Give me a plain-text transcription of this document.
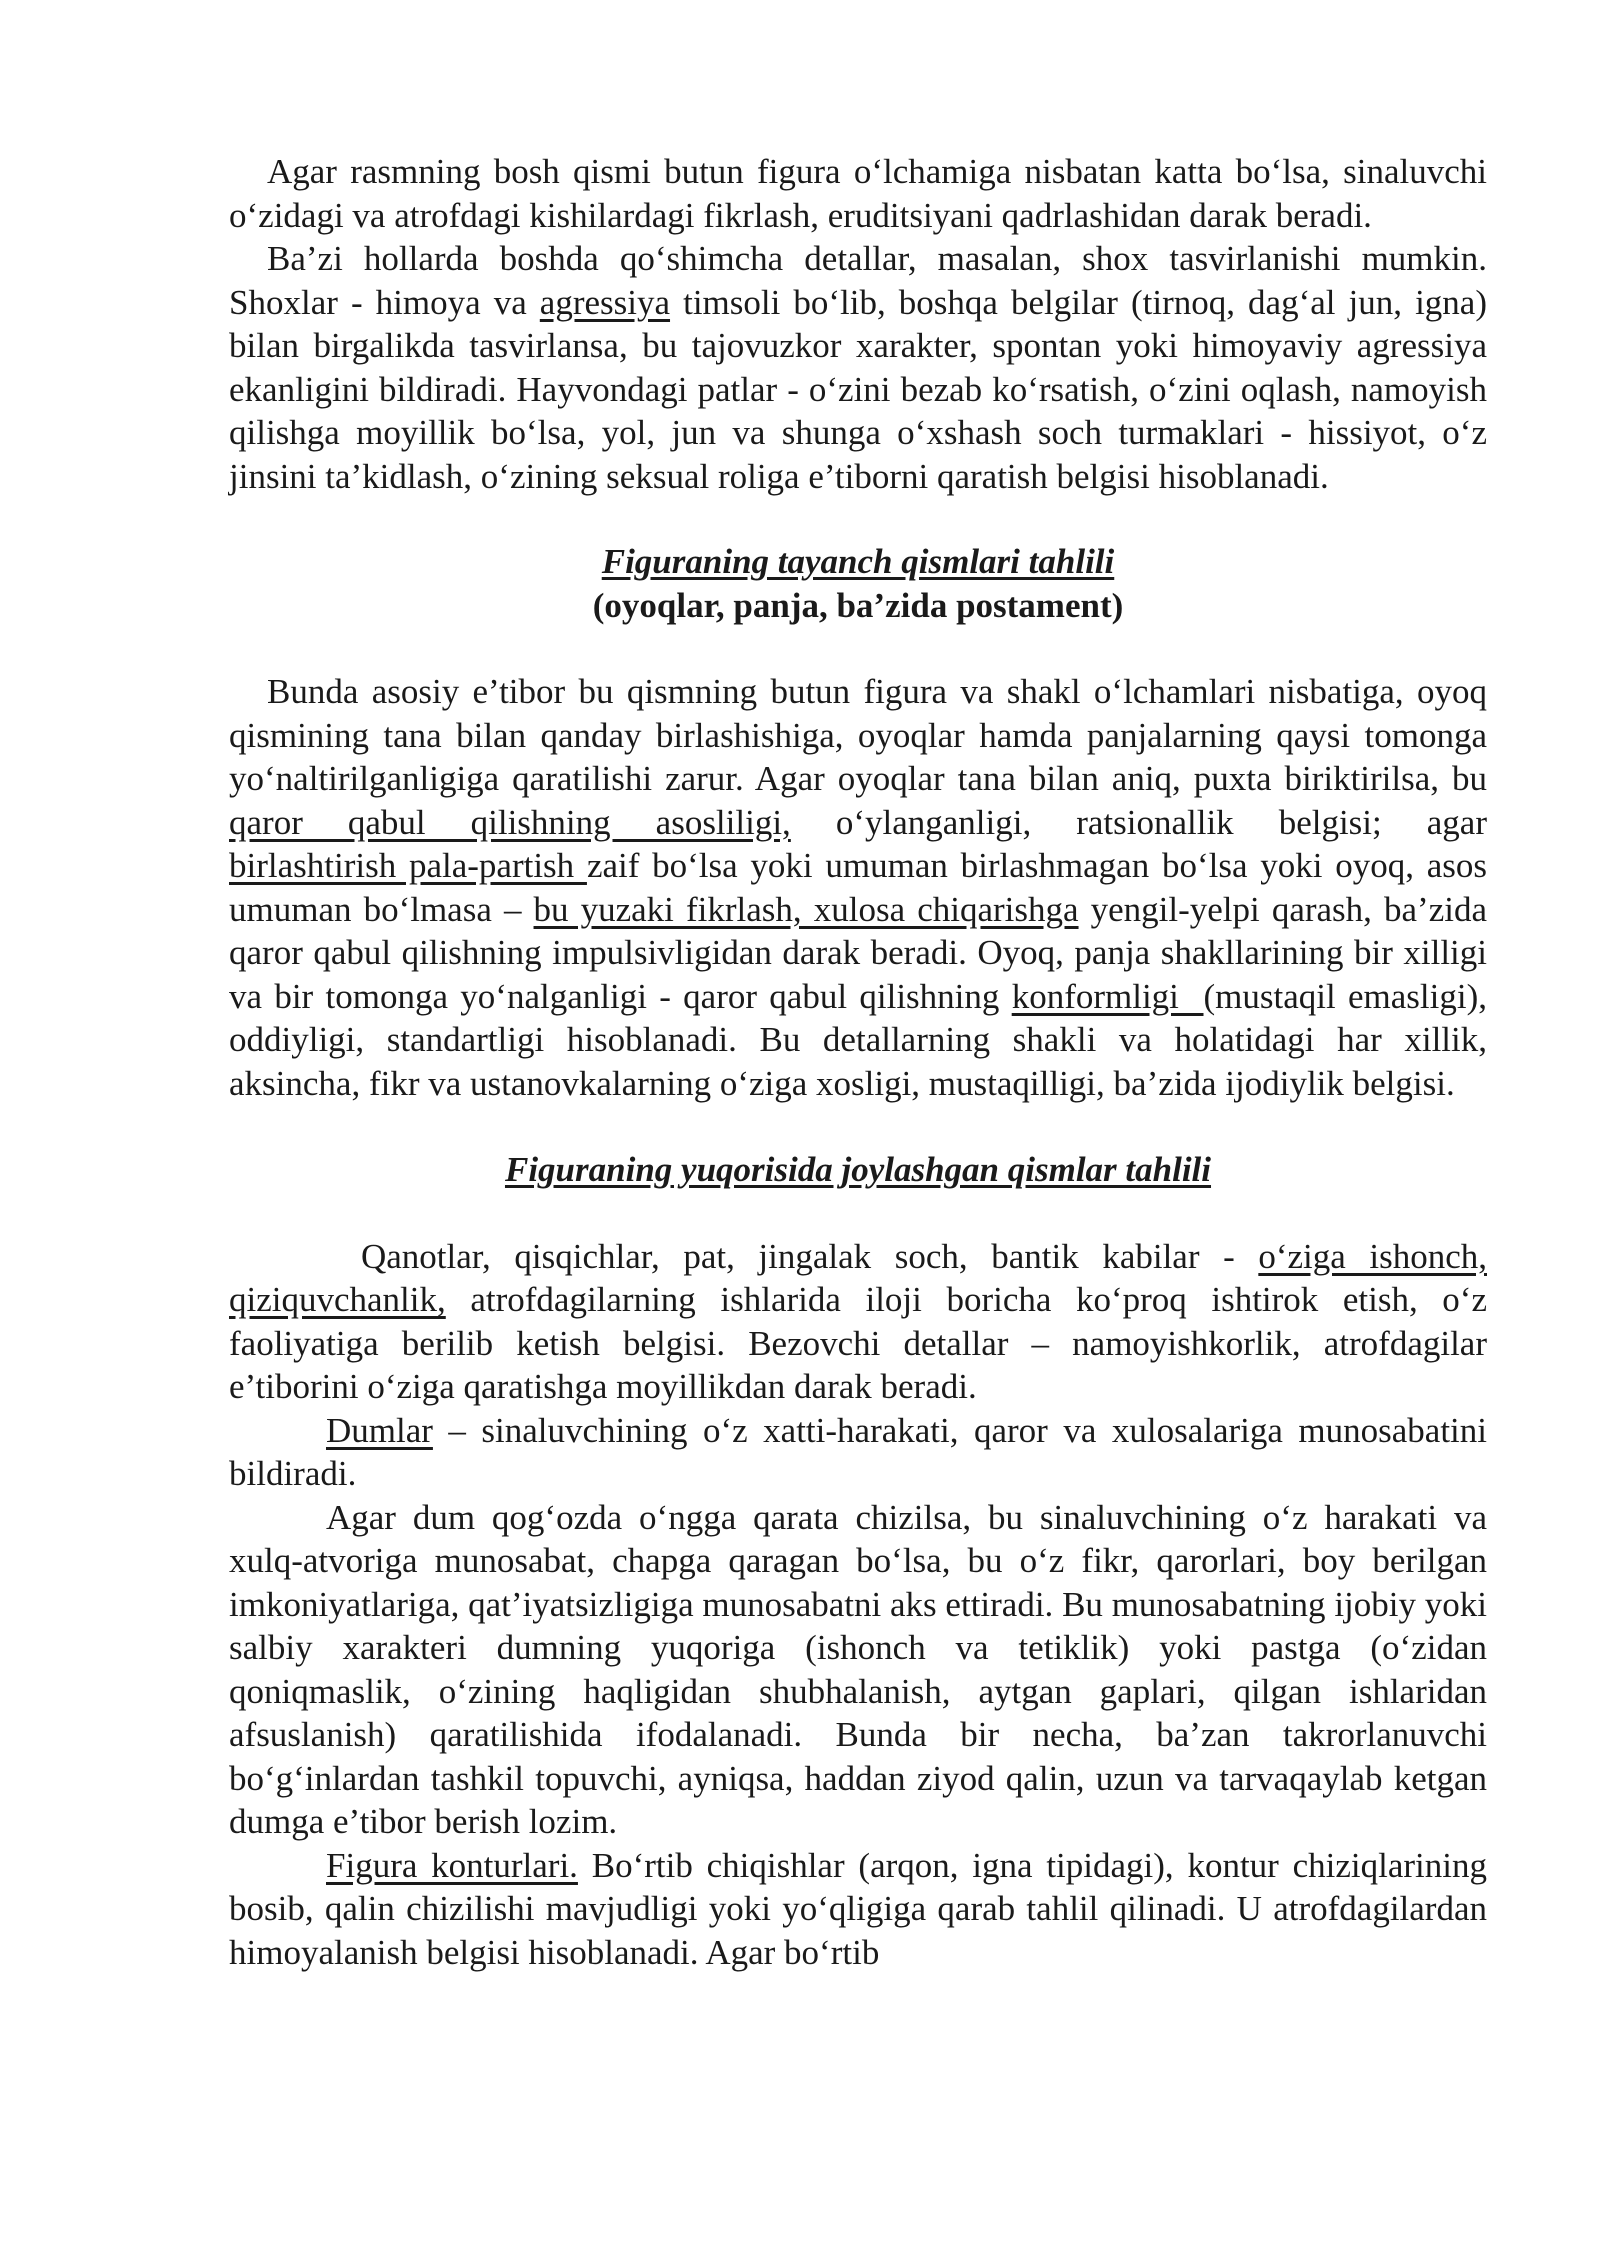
Agar rasmning bosh qismi butun figura o‘lchamiga nisbatan katta bo‘lsa, sinaluvchi o‘zidagi va atrofdagi kishilardagi fikrlash, eruditsiyani qadrlashidan darak beradi.

Ba’zi hollarda boshda qo‘shimcha detallar, masalan, shox tasvirlanishi mumkin. Shoxlar - himoya va agressiya timsoli bo‘lib, boshqa belgilar (tirnoq, dag‘al jun, igna) bilan birgalikda tasvirlansa, bu tajovuzkor xarakter, spontan yoki himoyaviy agressiya ekanligini bildiradi. Hayvondagi patlar - o‘zini bezab ko‘rsatish, o‘zini oqlash, namoyish qilishga moyillik bo‘lsa, yol, jun va shunga o‘xshash soch turmaklari - hissiyot, o‘z jinsini ta’kidlash, o‘zining seksual roliga e’tiborni qaratish belgisi hisoblanadi.

Figuraning tayanch qismlari tahlili
(oyoqlar, panja, ba’zida postament)

Bunda asosiy e’tibor bu qismning butun figura va shakl o‘lchamlari nisbatiga, oyoq qismining tana bilan qanday birlashishiga, oyoqlar hamda panjalarning qaysi tomonga yo‘naltirilganligiga qaratilishi zarur. Agar oyoqlar tana bilan aniq, puxta biriktirilsa, bu qaror qabul qilishning asosliligi, o‘ylanganligi, ratsionallik belgisi; agar birlashtirish pala-partish zaif bo‘lsa yoki umuman birlashmagan bo‘lsa yoki oyoq, asos umuman bo‘lmasa – bu yuzaki fikrlash, xulosa chiqarishga yengil-yelpi qarash, ba’zida qaror qabul qilishning impulsivligidan darak beradi. Oyoq, panja shakllarining bir xilligi va bir tomonga yo‘nalganligi - qaror qabul qilishning konformligi  (mustaqil emasligi), oddiyligi, standartligi hisoblanadi. Bu detallarning shakli va holatidagi har xillik, aksincha, fikr va ustanovkalarning o‘ziga xosligi, mustaqilligi, ba’zida ijodiylik belgisi.

Figuraning yuqorisida joylashgan qismlar tahlili

Qanotlar, qisqichlar, pat, jingalak soch, bantik kabilar - o‘ziga ishonch, qiziquvchanlik, atrofdagilarning ishlarida iloji boricha ko‘proq ishtirok etish, o‘z faoliyatiga berilib ketish belgisi. Bezovchi detallar – namoyishkorlik, atrofdagilar e’tiborini o‘ziga qaratishga moyillikdan darak beradi.

Dumlar – sinaluvchining o‘z xatti-harakati, qaror va xulosalariga munosabatini bildiradi.

Agar dum qog‘ozda o‘ngga qarata chizilsa, bu sinaluvchining o‘z harakati va xulq-atvoriga munosabat, chapga qaragan bo‘lsa, bu o‘z fikr, qarorlari, boy berilgan imkoniyatlariga, qat’iyatsizligiga munosabatni aks ettiradi. Bu munosabatning ijobiy yoki salbiy xarakteri dumning yuqoriga (ishonch va tetiklik) yoki pastga (o‘zidan qoniqmaslik, o‘zining haqligidan shubhalanish, aytgan gaplari, qilgan ishlaridan afsuslanish) qaratilishida ifodalanadi. Bunda bir necha, ba’zan takrorlanuvchi bo‘g‘inlardan tashkil topuvchi, ayniqsa, haddan ziyod qalin, uzun va tarvaqaylab ketgan dumga e’tibor berish lozim.

Figura konturlari. Bo‘rtib chiqishlar (arqon, igna tipidagi), kontur chiziqlarining bosib, qalin chizilishi mavjudligi yoki yo‘qligiga qarab tahlil qilinadi. U atrofdagilardan himoyalanish belgisi hisoblanadi. Agar bo‘rtib
